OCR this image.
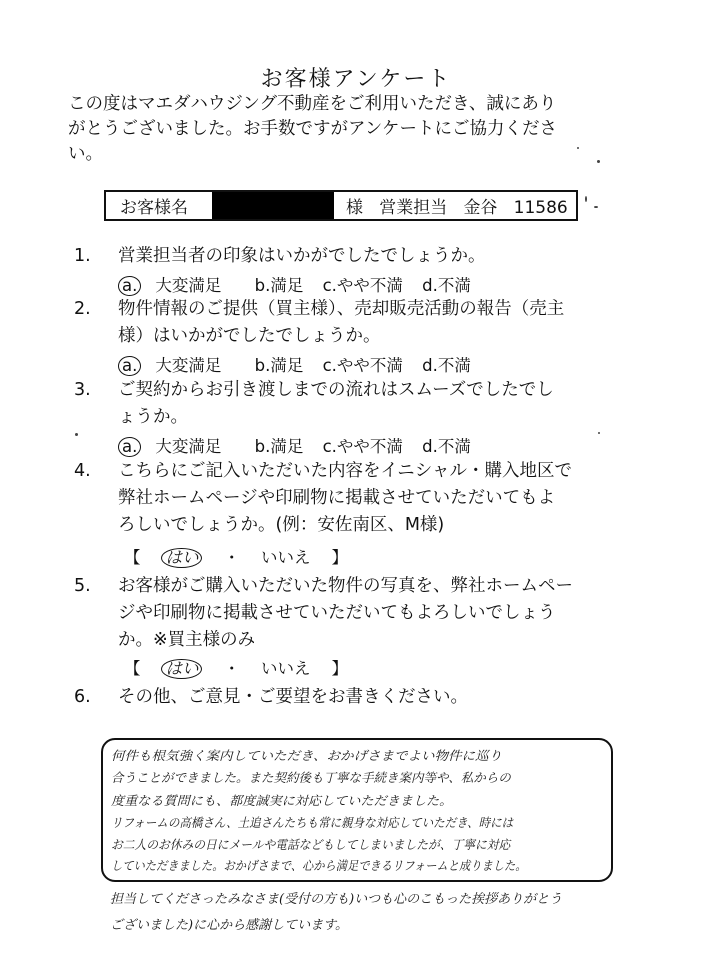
お客様アンケート
この度はマエダハウジング不動産をご利用いただき、誠にあり
がとうございました。お手数ですがアンケートにご協力くださ
い。
お客様名	様 営業担当 金谷 11586
1.	営業担当者の印象はいかがでしたでしょうか。
a. 大変満足 b.満足 c.やや不満 d.不満
2.	物件情報のご提供（買主様）、売却販売活動の報告（売主
様）はいかがでしたでしょうか。
a. 大変満足 b.満足 c.やや不満 d.不満
3.	ご契約からお引き渡しまでの流れはスムーズでしたでし
ょうか。
a. 大変満足 b.満足 c.やや不満 d.不満
4.	こちらにご記入いただいた内容をイニシャル・購入地区で
弊社ホームページや印刷物に掲載させていただいてもよ
ろしいでしょうか。(例：安佐南区、M様)
【 はい ・ いいえ 】
5.	お客様がご購入いただいた物件の写真を、弊社ホームペー
ジや印刷物に掲載させていただいてもよろしいでしょう
か。※買主様のみ
【 はい ・ いいえ 】
6.	その他、ご意見・ご要望をお書きください。
何件も根気強く案内していただき、おかげさまでよい物件に巡り
合うことができました。また契約後も丁寧な手続き案内等や、私からの
度重なる質問にも、都度誠実に対応していただきました。
リフォームの高橋さん、土追さんたちも常に親身な対応していただき、時には
お二人のお休みの日にメールや電話などもしてしまいましたが、丁寧に対応
していただきました。おかげさまで、心から満足できるリフォームと成りました。
担当してくださったみなさま(受付の方も)いつも心のこもった挨拶ありがとう
ございました)に心から感謝しています。
